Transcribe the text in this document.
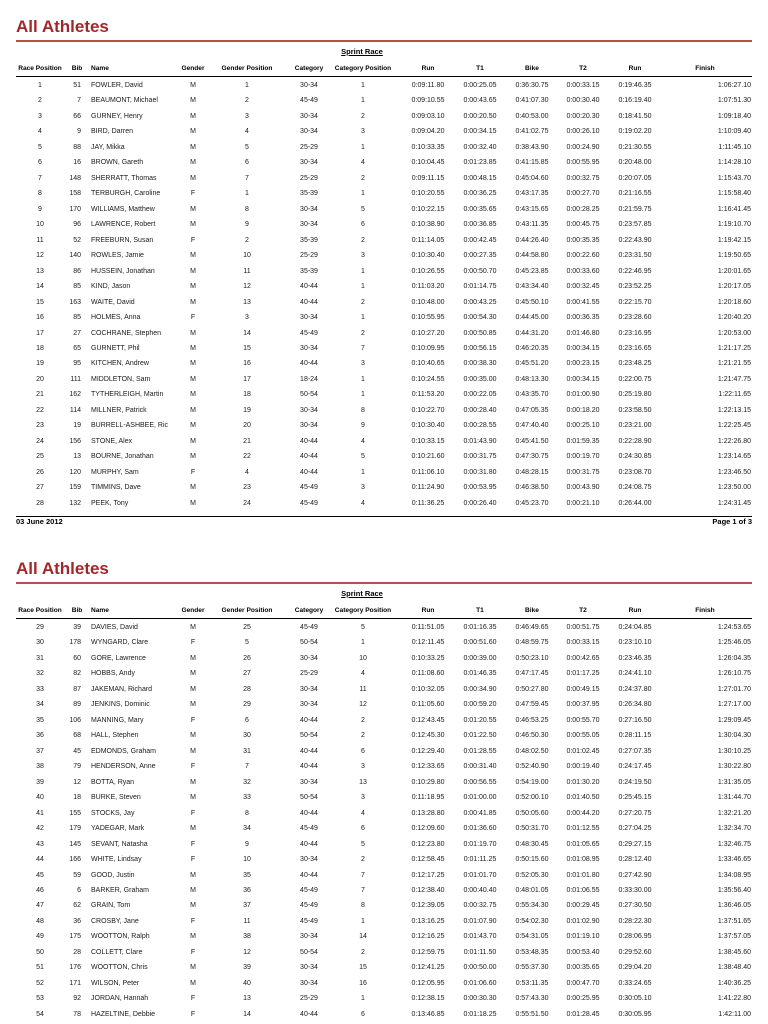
All Athletes
Sprint Race
Race Position	Bib	Name	Gender	Gender Position	Category	Category Position	Run	T1	Bike	T2	Run	Finish
1	51 FOWLER, David	M	1	30-34	1	0:09:11.80	0:00:25.05	0:36:30.75	0:00:33.15	0:19:46.35	1:06:27.10
2	7 BEAUMONT, Michael	M	2	45-49	1	0:09:10.55	0:00:43.65	0:41:07.30	0:00:30.40	0:16:19.40	1:07:51.30
3	66 GURNEY, Henry	M	3	30-34	2	0:09:03.10	0:00:20.50	0:40:53.00	0:00:20.30	0:18:41.50	1:09:18.40
4	9 BIRD, Darren	M	4	30-34	3	0:09:04.20	0:00:34.15	0:41:02.75	0:00:26.10	0:19:02.20	1:10:09.40
5	88 JAY, Mikka	M	5	25-29	1	0:10:33.35	0:00:32.40	0:38:43.90	0:00:24.90	0:21:30.55	1:11:45.10
6	16 BROWN, Gareth	M	6	30-34	4	0:10:04.45	0:01:23.85	0:41:15.85	0:00:55.95	0:20:48.00	1:14:28.10
7	148 SHERRATT, Thomas	M	7	25-29	2	0:09:11.15	0:00:48.15	0:45:04.60	0:00:32.75	0:20:07.05	1:15:43.70
8	158 TERBURGH, Caroline	F	1	35-39	1	0:10:20.55	0:00:36.25	0:43:17.35	0:00:27.70	0:21:16.55	1:15:58.40
9	170 WILLIAMS, Matthew	M	8	30-34	5	0:10:22.15	0:00:35.65	0:43:15.65	0:00:28.25	0:21:59.75	1:16:41.45
10	96 LAWRENCE, Robert	M	9	30-34	6	0:10:38.90	0:00:36.85	0:43:11.35	0:00:45.75	0:23:57.85	1:19:10.70
11	52 FREEBURN, Susan	F	2	35-39	2	0:11:14.05	0:00:42.45	0:44:26.40	0:00:35.35	0:22:43.90	1:19:42.15
12	140 ROWLES, Jamie	M	10	25-29	3	0:10:30.40	0:00:27.35	0:44:58.80	0:00:22.60	0:23:31.50	1:19:50.65
13	86 HUSSEIN, Jonathan	M	11	35-39	1	0:10:26.55	0:00:50.70	0:45:23.85	0:00:33.60	0:22:46.95	1:20:01.65
14	85 KIND, Jason	M	12	40-44	1	0:11:03.20	0:01:14.75	0:43:34.40	0:00:32.45	0:23:52.25	1:20:17.05
15	163 WAITE, David	M	13	40-44	2	0:10:48.00	0:00:43.25	0:45:50.10	0:00:41.55	0:22:15.70	1:20:18.60
16	85 HOLMES, Anna	F	3	30-34	1	0:10:55.95	0:00:54.30	0:44:45.00	0:00:36.35	0:23:28.60	1:20:40.20
17	27 COCHRANE, Stephen	M	14	45-49	2	0:10:27.20	0:00:50.85	0:44:31.20	0:01:46.80	0:23:16.95	1:20:53.00
18	65 GURNETT, Phil	M	15	30-34	7	0:10:09.95	0:00:56.15	0:46:20.35	0:00:34.15	0:23:16.65	1:21:17.25
19	95 KITCHEN, Andrew	M	16	40-44	3	0:10:40.65	0:00:38.30	0:45:51.20	0:00:23.15	0:23:48.25	1:21:21.55
20	111 MIDDLETON, Sam	M	17	18-24	1	0:10:24.55	0:00:35.00	0:48:13.30	0:00:34.15	0:22:00.75	1:21:47.75
21	162 TYTHERLEIGH, Martin	M	18	50-54	1	0:11:53.20	0:00:22.05	0:43:35.70	0:01:00.90	0:25:19.80	1:22:11.65
22	114 MILLNER, Patrick	M	19	30-34	8	0:10:22.70	0:00:28.40	0:47:05.35	0:00:18.20	0:23:58.50	1:22:13.15
23	19 BURRELL-ASHBEE, Ric	M	20	30-34	9	0:10:30.40	0:00:28.55	0:47:40.40	0:00:25.10	0:23:21.00	1:22:25.45
24	156 STONE, Alex	M	21	40-44	4	0:10:33.15	0:01:43.90	0:45:41.50	0:01:59.35	0:22:28.90	1:22:26.80
25	13 BOURNE, Jonathan	M	22	40-44	5	0:10:21.60	0:00:31.75	0:47:30.75	0:00:19.70	0:24:30.85	1:23:14.65
26	120 MURPHY, Sam	F	4	40-44	1	0:11:06.10	0:00:31.80	0:48:28.15	0:00:31.75	0:23:08.70	1:23:46.50
27	159 TIMMINS, Dave	M	23	45-49	3	0:11:24.90	0:00:53.95	0:46:38.50	0:00:43.90	0:24:08.75	1:23:50.00
28	132 PEEK, Tony	M	24	45-49	4	0:11:36.25	0:00:26.40	0:45:23.70	0:00:21.10	0:26:44.00	1:24:31.45
03 June 2012	Page 1 of 3
All Athletes
Sprint Race
Race Position	Bib	Name	Gender	Gender Position	Category	Category Position	Run	T1	Bike	T2	Run	Finish
29	39 DAVIES, David	M	25	45-49	5	0:11:51.05	0:01:16.35	0:46:49.65	0:00:51.75	0:24:04.85	1:24:53.65
30	178 WYNGARD, Clare	F	5	50-54	1	0:12:11.45	0:00:51.60	0:48:59.75	0:00:33.15	0:23:10.10	1:25:46.05
31	60 GORE, Lawrence	M	26	30-34	10	0:10:33.25	0:00:39.00	0:50:23.10	0:00:42.65	0:23:46.35	1:26:04.35
32	82 HOBBS, Andy	M	27	25-29	4	0:11:08.60	0:01:46.35	0:47:17.45	0:01:17.25	0:24:41.10	1:26:10.75
33	87 JAKEMAN, Richard	M	28	30-34	11	0:10:32.05	0:00:34.90	0:50:27.80	0:00:49.15	0:24:37.80	1:27:01.70
34	89 JENKINS, Dominic	M	29	30-34	12	0:11:05.60	0:00:59.20	0:47:59.45	0:00:37.95	0:26:34.80	1:27:17.00
35	106 MANNING, Mary	F	6	40-44	2	0:12:43.45	0:01:20.55	0:46:53.25	0:00:55.70	0:27:16.50	1:29:09.45
36	68 HALL, Stephen	M	30	50-54	2	0:12:45.30	0:01:22.50	0:46:50.30	0:00:55.05	0:28:11.15	1:30:04.30
37	45 EDMONDS, Graham	M	31	40-44	6	0:12:29.40	0:01:28.55	0:48:02.50	0:01:02.45	0:27:07.35	1:30:10.25
38	79 HENDERSON, Anne	F	7	40-44	3	0:12:33.65	0:00:31.40	0:52:40.90	0:00:19.40	0:24:17.45	1:30:22.80
39	12 BOTTA, Ryan	M	32	30-34	13	0:10:29.80	0:00:56.55	0:54:19.00	0:01:30.20	0:24:19.50	1:31:35.05
40	18 BURKE, Steven	M	33	50-54	3	0:11:18.95	0:01:00.00	0:52:00.10	0:01:40.50	0:25:45.15	1:31:44.70
41	155 STOCKS, Jay	F	8	40-44	4	0:13:28.80	0:00:41.85	0:50:05.60	0:00:44.20	0:27:20.75	1:32:21.20
42	179 YADEGAR, Mark	M	34	45-49	6	0:12:09.60	0:01:36.60	0:50:31.70	0:01:12.55	0:27:04.25	1:32:34.70
43	145 SEVANT, Natasha	F	9	40-44	5	0:12:23.80	0:01:19.70	0:48:30.45	0:01:05.65	0:29:27.15	1:32:46.75
44	166 WHITE, Lindsay	F	10	30-34	2	0:12:58.45	0:01:11.25	0:50:15.60	0:01:08.95	0:28:12.40	1:33:46.65
45	59 GOOD, Justin	M	35	40-44	7	0:12:17.25	0:01:01.70	0:52:05.30	0:01:01.80	0:27:42.90	1:34:08.95
46	6 BARKER, Graham	M	36	45-49	7	0:12:38.40	0:00:40.40	0:48:01.05	0:01:06.55	0:33:30.00	1:35:56.40
47	62 GRAIN, Tom	M	37	45-49	8	0:12:39.05	0:00:32.75	0:55:34.30	0:00:29.45	0:27:30.50	1:36:46.05
48	36 CROSBY, Jane	F	11	45-49	1	0:13:16.25	0:01:07.90	0:54:02.30	0:01:02.90	0:28:22.30	1:37:51.65
49	175 WOOTTON, Ralph	M	38	30-34	14	0:12:16.25	0:01:43.70	0:54:31.05	0:01:19.10	0:28:06.95	1:37:57.05
50	28 COLLETT, Clare	F	12	50-54	2	0:12:59.75	0:01:11.50	0:53:48.35	0:00:53.40	0:29:52.60	1:38:45.60
51	176 WOOTTON, Chris	M	39	30-34	15	0:12:41.25	0:00:50.00	0:55:37.30	0:00:35.65	0:29:04.20	1:38:48.40
52	171 WILSON, Peter	M	40	30-34	16	0:12:05.95	0:01:06.60	0:53:11.35	0:00:47.70	0:33:24.65	1:40:36.25
53	92 JORDAN, Hannah	F	13	25-29	1	0:12:38.15	0:00:30.30	0:57:43.30	0:00:25.95	0:30:05.10	1:41:22.80
54	78 HAZELTINE, Debbie	F	14	40-44	6	0:13:46.85	0:01:18.25	0:55:51.50	0:01:28.45	0:30:05.95	1:42:11.00
